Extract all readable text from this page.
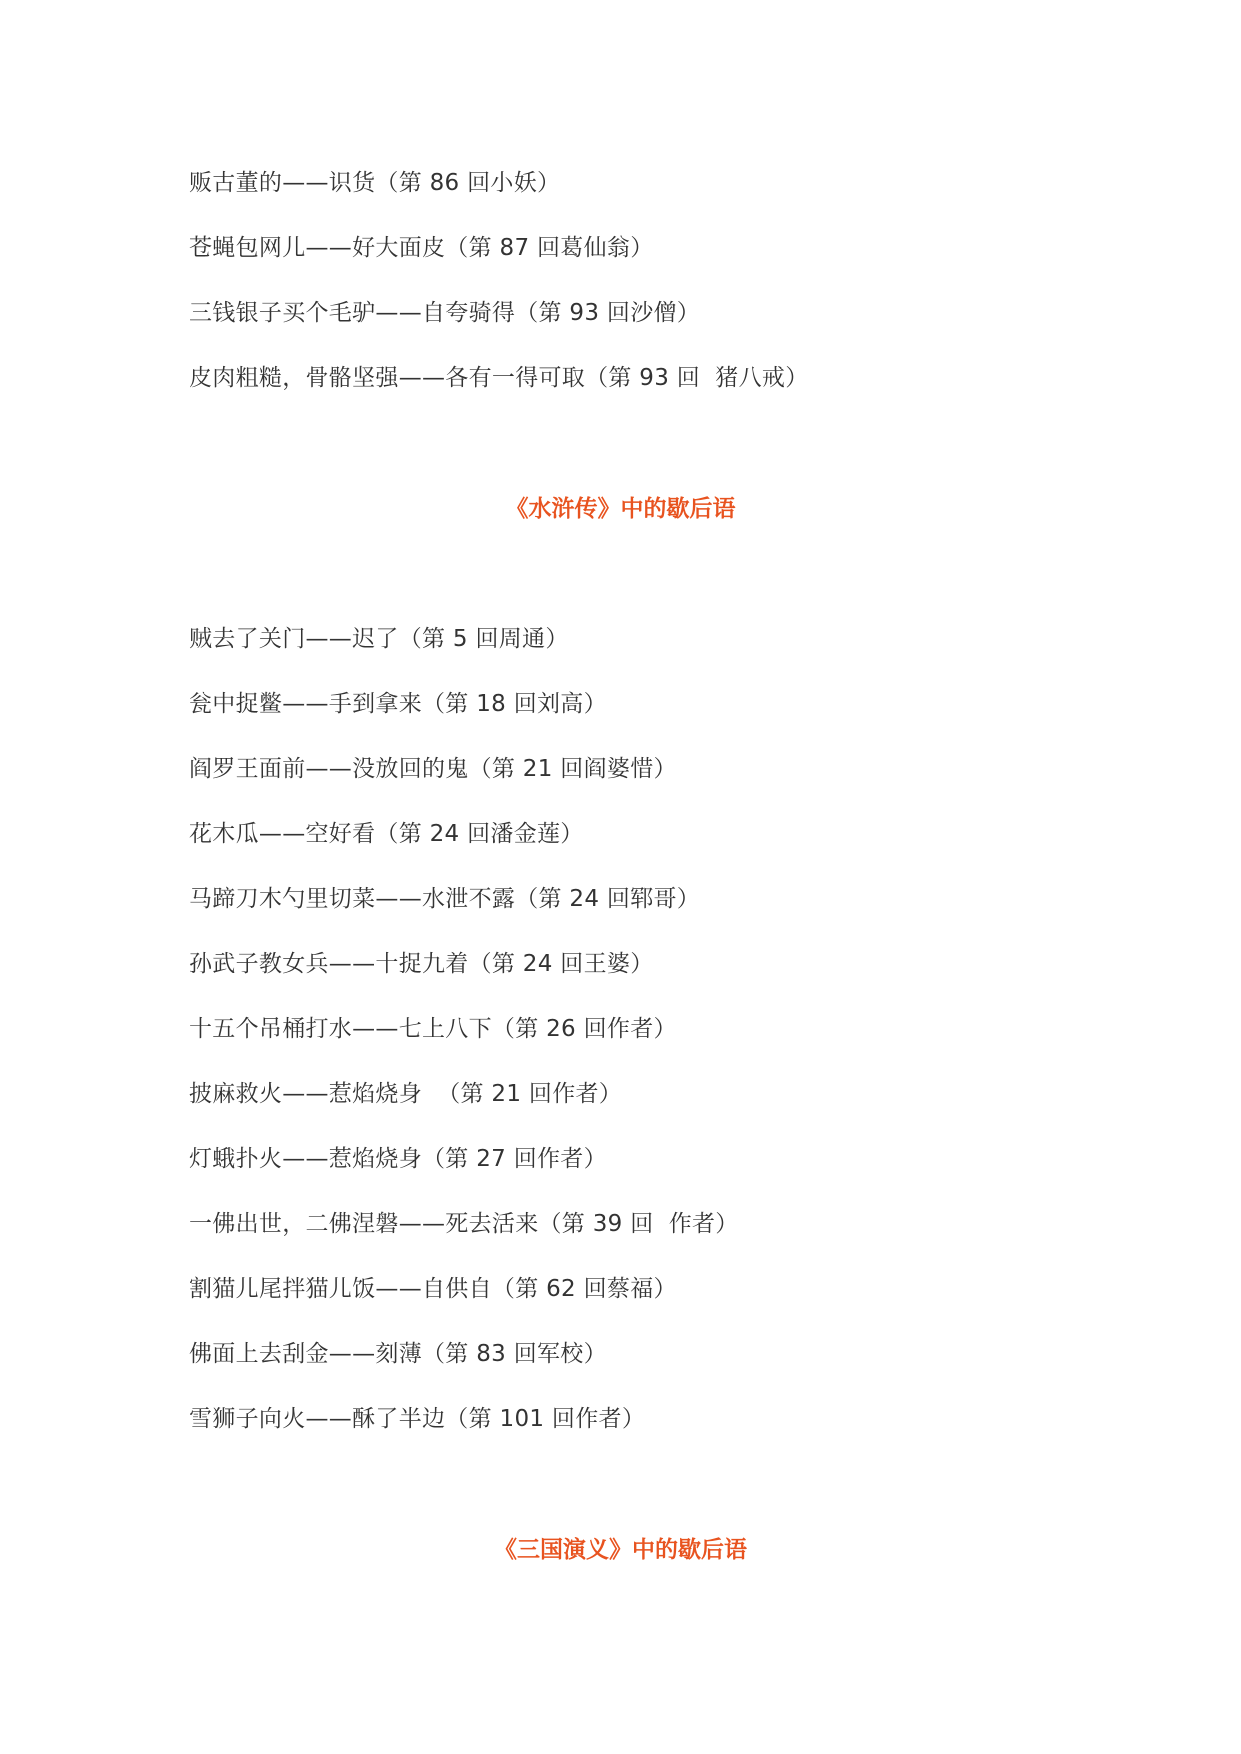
贩古董的——识货（第 86 回小妖）
苍蝇包网儿——好大面皮（第 87 回葛仙翁）
三钱银子买个毛驴——自夸骑得（第 93 回沙僧）
皮肉粗糙，骨骼坚强——各有一得可取（第 93 回  猪八戒）
《水浒传》中的歇后语
贼去了关门——迟了（第 5 回周通）
瓮中捉鳖——手到拿来（第 18 回刘高）
阎罗王面前——没放回的鬼（第 21 回阎婆惜）
花木瓜——空好看（第 24 回潘金莲）
马蹄刀木勺里切菜——水泄不露（第 24 回郓哥）
孙武子教女兵——十捉九着（第 24 回王婆）
十五个吊桶打水——七上八下（第 26 回作者）
披麻救火——惹焰烧身  （第 21 回作者）
灯蛾扑火——惹焰烧身（第 27 回作者）
一佛出世，二佛涅磐——死去活来（第 39 回  作者）
割猫儿尾拌猫儿饭——自供自（第 62 回蔡福）
佛面上去刮金——刻薄（第 83 回军校）
雪狮子向火——酥了半边（第 101 回作者）
《三国演义》中的歇后语
